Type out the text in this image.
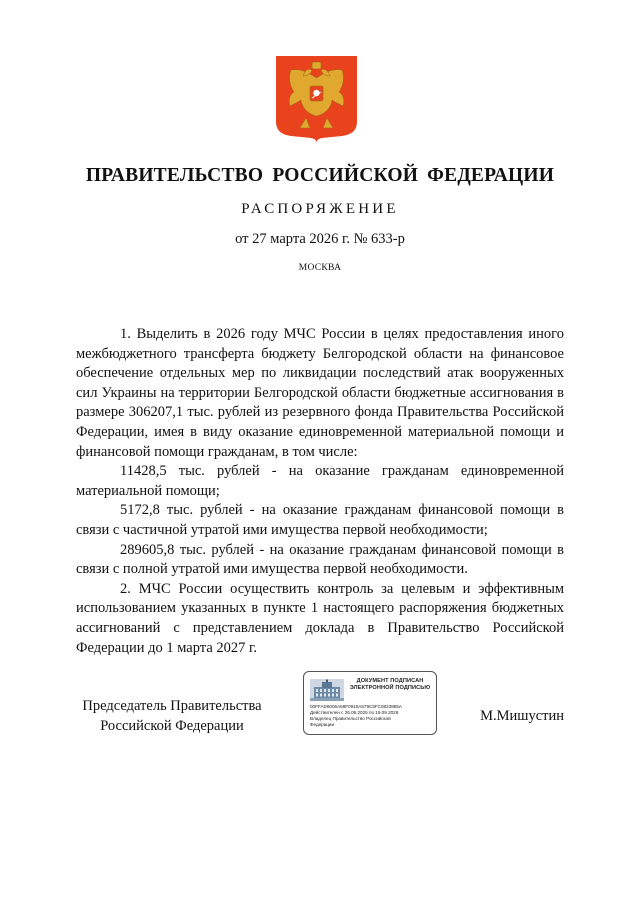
ПРАВИТЕЛЬСТВО РОССИЙСКОЙ ФЕДЕРАЦИИ
РАСПОРЯЖЕНИЕ
от 27 марта 2026 г. № 633-р
МОСКВА

1. Выделить в 2026 году МЧС России в целях предоставления иного межбюджетного трансферта бюджету Белгородской области на финансовое обеспечение отдельных мер по ликвидации последствий атак вооруженных сил Украины на территории Белгородской области бюджетные ассигнования в размере 306207,1 тыс. рублей из резервного фонда Правительства Российской Федерации, имея в виду оказание единовременной материальной помощи и финансовой помощи гражданам, в том числе:

11428,5 тыс. рублей - на оказание гражданам единовременной материальной помощи;

5172,8 тыс. рублей - на оказание гражданам финансовой помощи в связи с частичной утратой ими имущества первой необходимости;

289605,8 тыс. рублей - на оказание гражданам финансовой помощи в связи с полной утратой ими имущества первой необходимости.

2. МЧС России осуществить контроль за целевым и эффективным использованием указанных в пункте 1 настоящего распоряжения бюджетных ассигнований с представлением доклада в Правительство Российской Федерации до 1 марта 2027 г.

Председатель Правительства
Российской Федерации
ДОКУМЕНТ ПОДПИСАН
ЭЛЕКТРОННОЙ ПОДПИСЬЮ
00FFAD6006A58F0910A579C5FC0823885A
Действителен с 26.06.2025 по 19.09.2026
Владелец Правительство Российской
Федерации
М.Мишустин
